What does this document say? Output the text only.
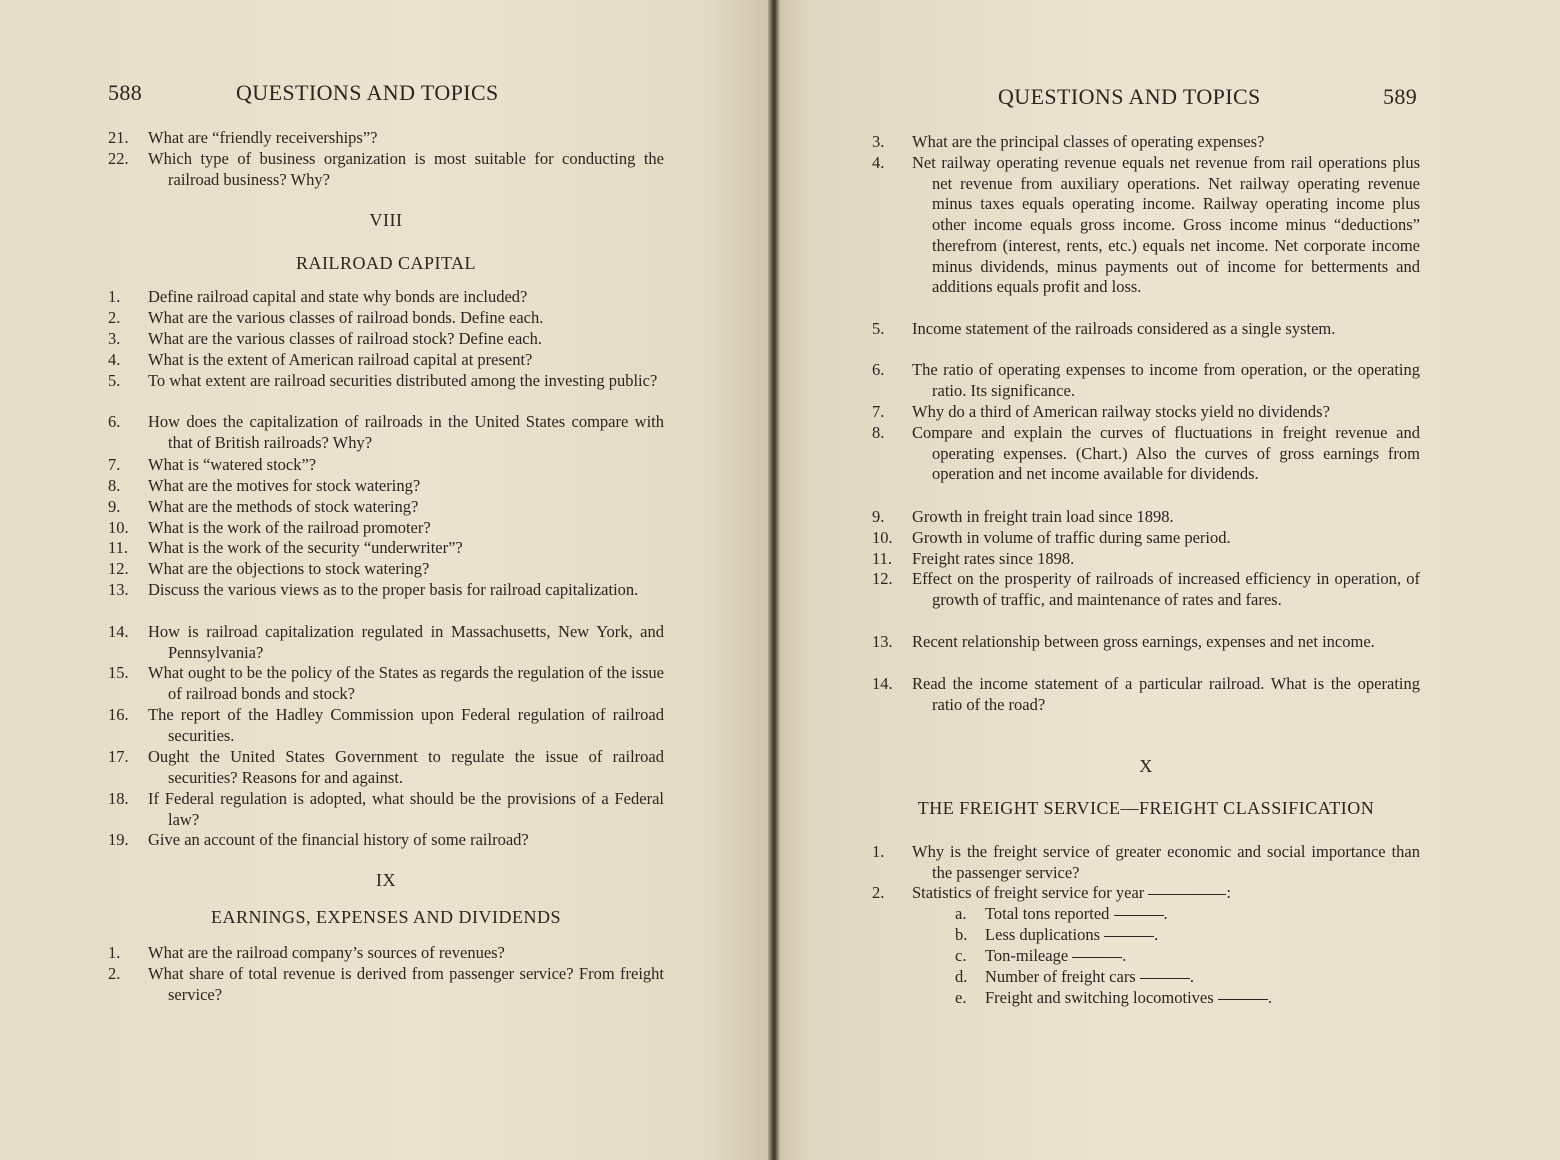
588	QUESTIONS AND TOPICS

21. What are “friendly receiverships”?

22. Which type of business organization is most suitable for conducting the railroad business? Why?

VIII
RAILROAD CAPITAL

1. Define railroad capital and state why bonds are included?

2. What are the various classes of railroad bonds. Define each.

3. What are the various classes of railroad stock? Define each.

4. What is the extent of American railroad capital at present?

5. To what extent are railroad securities distributed among the investing public?

6. How does the capitalization of railroads in the United States compare with that of British railroads? Why?

7. What is “watered stock”?

8. What are the motives for stock watering?

9. What are the methods of stock watering?

10. What is the work of the railroad promoter?

11. What is the work of the security “underwriter”?

12. What are the objections to stock watering?

13. Discuss the various views as to the proper basis for railroad capitalization.

14. How is railroad capitalization regulated in Massachusetts, New York, and Pennsylvania?

15. What ought to be the policy of the States as regards the regulation of the issue of railroad bonds and stock?

16. The report of the Hadley Commission upon Federal regulation of railroad securities.

17. Ought the United States Government to regulate the issue of railroad securities? Reasons for and against.

18. If Federal regulation is adopted, what should be the provisions of a Federal law?

19. Give an account of the financial history of some railroad?

IX
EARNINGS, EXPENSES AND DIVIDENDS

1. What are the railroad company’s sources of revenues?

2. What share of total revenue is derived from passenger service? From freight service?

QUESTIONS AND TOPICS	589

3. What are the principal classes of operating expenses?

4. Net railway operating revenue equals net revenue from rail operations plus net revenue from auxiliary operations. Net railway operating revenue minus taxes equals operating income. Railway operating income plus other income equals gross income. Gross income minus “deductions” therefrom (interest, rents, etc.) equals net income. Net corporate income minus dividends, minus payments out of income for betterments and additions equals profit and loss.

5. Income statement of the railroads considered as a single system.

6. The ratio of operating expenses to income from operation, or the operating ratio. Its significance.

7. Why do a third of American railway stocks yield no dividends?

8. Compare and explain the curves of fluctuations in freight revenue and operating expenses. (Chart.) Also the curves of gross earnings from operation and net income available for dividends.

9. Growth in freight train load since 1898.

10. Growth in volume of traffic during same period.

11. Freight rates since 1898.

12. Effect on the prosperity of railroads of increased efficiency in operation, of growth of traffic, and maintenance of rates and fares.

13. Recent relationship between gross earnings, expenses and net income.

14. Read the income statement of a particular railroad. What is the operating ratio of the road?

X
THE FREIGHT SERVICE—FREIGHT CLASSIFICATION

1. Why is the freight service of greater economic and social importance than the passenger service?

2. Statistics of freight service for year	:

a. Total tons reported	.
b. Less duplications	.
c. Ton-mileage	.
d. Number of freight cars	.
e. Freight and switching locomotives	.
